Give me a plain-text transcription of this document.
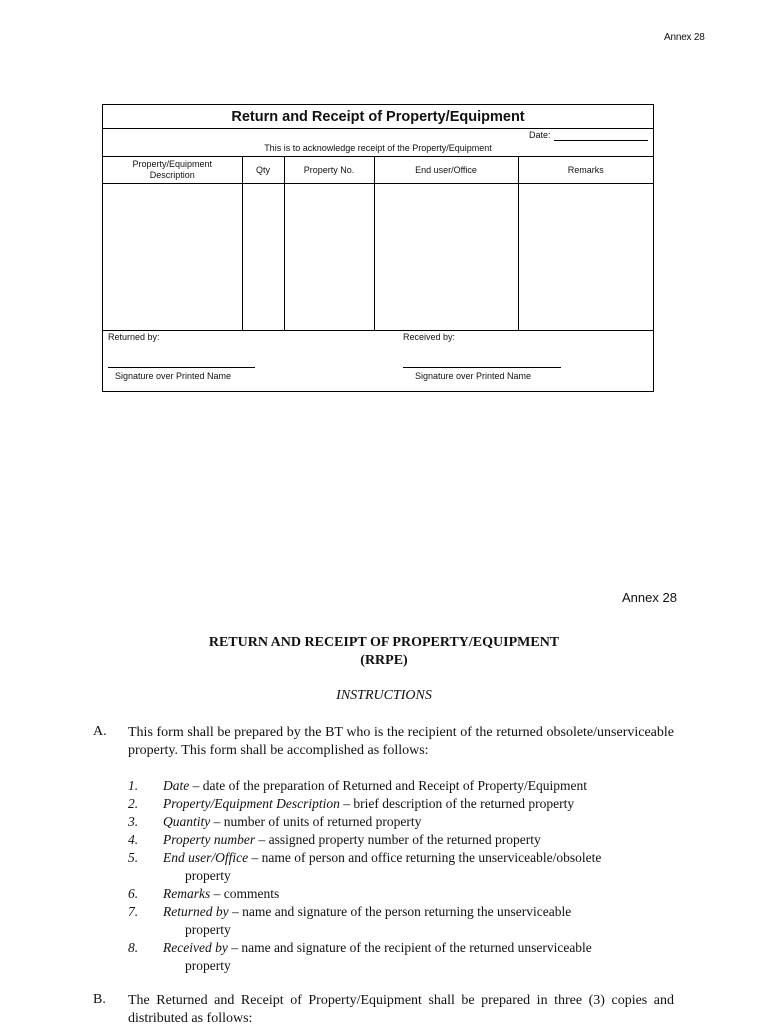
Annex 28
Return and Receipt of Property/Equipment
Date:
This is to acknowledge receipt of the Property/Equipment
Property/Equipment
Description	Qty	Property No.	End user/Office	Remarks

Returned by:	Received by:
Signature over Printed Name	Signature over Printed Name
Annex 28
RETURN AND RECEIPT OF PROPERTY/EQUIPMENT
(RRPE)
INSTRUCTIONS
A. This form shall be prepared by the BT who is the recipient of the returned obsolete/unserviceable property. This form shall be accomplished as follows:
1. Date – date of the preparation of Returned and Receipt of Property/Equipment
2. Property/Equipment Description – brief description of the returned property
3. Quantity – number of units of returned property
4. Property number – assigned property number of the returned property
5. End user/Office – name of person and office returning the unserviceable/obsolete
property
6. Remarks – comments
7. Returned by – name and signature of the person returning the unserviceable
property
8. Received by – name and signature of the recipient of the returned unserviceable
property
B. The Returned and Receipt of Property/Equipment shall be prepared in three (3) copies and distributed as follows:
